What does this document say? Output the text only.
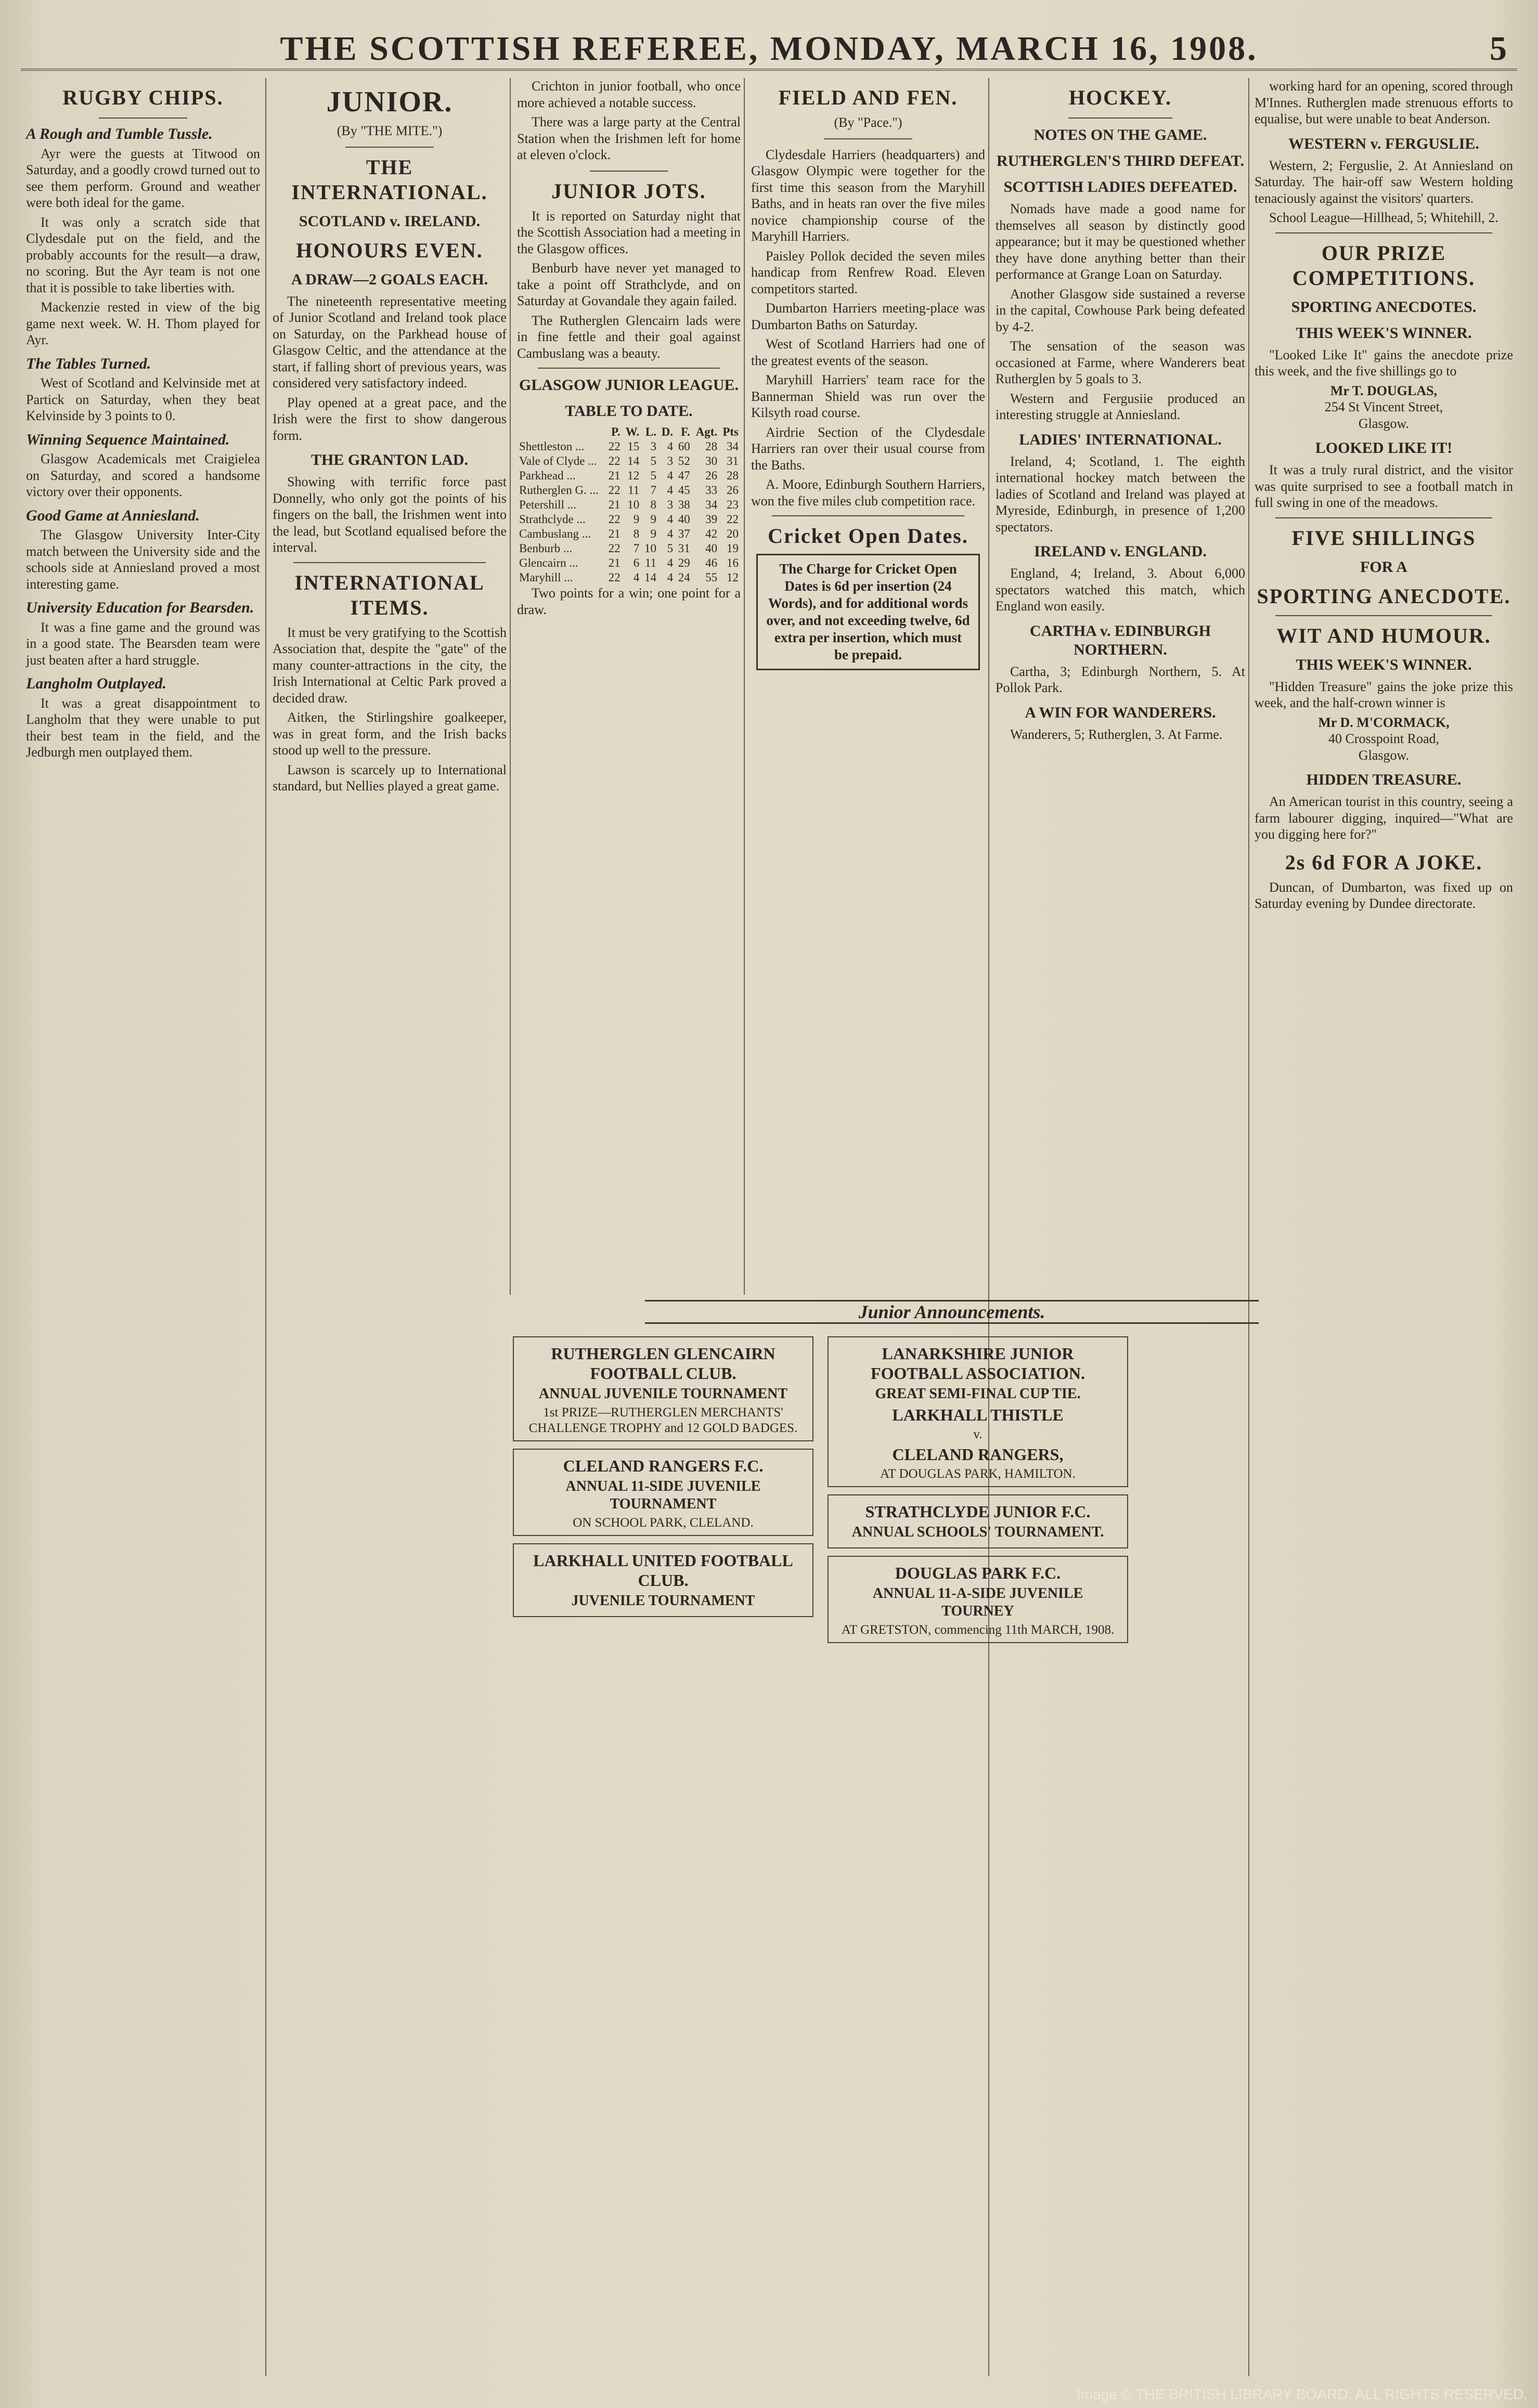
THE SCOTTISH REFEREE, MONDAY, MARCH 16, 1908.	5
RUGBY CHIPS.
A Rough and Tumble Tussle.

Ayr were the guests at Titwood on Saturday, and a goodly crowd turned out to see them perform. Ground and weather were both ideal for the game.

It was only a scratch side that Clydesdale put on the field, and the probably accounts for the result—a draw, no scoring. But the Ayr team is not one that it is possible to take liberties with.

Mackenzie rested in view of the big game next week. W. H. Thom played for Ayr.

The Tables Turned.

West of Scotland and Kelvinside met at Partick on Saturday, when they beat Kelvinside by 3 points to 0.

Winning Sequence Maintained.

Glasgow Academicals met Craigielea on Saturday, and scored a handsome victory over their opponents.

Good Game at Anniesland.

The Glasgow University Inter-City match between the University side and the schools side at Anniesland proved a most interesting game.

University Education for Bearsden.

It was a fine game and the ground was in a good state. The Bearsden team were just beaten after a hard struggle.

Langholm Outplayed.

It was a great disappointment to Langholm that they were unable to put their best team in the field, and the Jedburgh men outplayed them.

JUNIOR.
(By "THE MITE.")
THE INTERNATIONAL.
SCOTLAND v. IRELAND.
HONOURS EVEN.
A DRAW—2 GOALS EACH.

The nineteenth representative meeting of Junior Scotland and Ireland took place on Saturday, on the Parkhead house of Glasgow Celtic, and the attendance at the start, if falling short of previous years, was considered very satisfactory indeed.

Play opened at a great pace, and the Irish were the first to show dangerous form.

THE GRANTON LAD.

Showing with terrific force past Donnelly, who only got the points of his fingers on the ball, the Irishmen went into the lead, but Scotland equalised before the interval.

INTERNATIONAL ITEMS.

It must be very gratifying to the Scottish Association that, despite the "gate" of the many counter-attractions in the city, the Irish International at Celtic Park proved a decided draw.

Aitken, the Stirlingshire goalkeeper, was in great form, and the Irish backs stood up well to the pressure.

Lawson is scarcely up to International standard, but Nellies played a great game.

Crichton in junior football, who once more achieved a notable success.

There was a large party at the Central Station when the Irishmen left for home at eleven o'clock.

JUNIOR JOTS.

It is reported on Saturday night that the Scottish Association had a meeting in the Glasgow offices.

Benburb have never yet managed to take a point off Strathclyde, and on Saturday at Govandale they again failed.

The Rutherglen Glencairn lads were in fine fettle and their goal against Cambuslang was a beauty.

GLASGOW JUNIOR LEAGUE.
TABLE TO DATE.
	P.	W.	L.	D.	F.	Agt.	Pts
Shettleston ...	22	15	3	4	60	28	34
Vale of Clyde ...	22	14	5	3	52	30	31
Parkhead ...	21	12	5	4	47	26	28
Rutherglen G. ...	22	11	7	4	45	33	26
Petershill ...	21	10	8	3	38	34	23
Strathclyde ...	22	9	9	4	40	39	22
Cambuslang ...	21	8	9	4	37	42	20
Benburb ...	22	7	10	5	31	40	19
Glencairn ...	21	6	11	4	29	46	16
Maryhill ...	22	4	14	4	24	55	12

Two points for a win; one point for a draw.

FIELD AND FEN.
(By "Pace.")

Clydesdale Harriers (headquarters) and Glasgow Olympic were together for the first time this season from the Maryhill Baths, and in heats ran over the five miles novice championship course of the Maryhill Harriers.

Paisley Pollok decided the seven miles handicap from Renfrew Road. Eleven competitors started.

Dumbarton Harriers meeting-place was Dumbarton Baths on Saturday.

West of Scotland Harriers had one of the greatest events of the season.

Maryhill Harriers' team race for the Bannerman Shield was run over the Kilsyth road course.

Airdrie Section of the Clydesdale Harriers ran over their usual course from the Baths.

A. Moore, Edinburgh Southern Harriers, won the five miles club competition race.

Cricket Open Dates.
The Charge for Cricket Open Dates is 6d per insertion (24 Words), and for additional words over, and not exceeding twelve, 6d extra per insertion, which must be prepaid.
HOCKEY.
NOTES ON THE GAME.
RUTHERGLEN'S THIRD DEFEAT.
SCOTTISH LADIES DEFEATED.

Nomads have made a good name for themselves all season by distinctly good appearance; but it may be questioned whether they have done anything better than their performance at Grange Loan on Saturday.

Another Glasgow side sustained a reverse in the capital, Cowhouse Park being defeated by 4-2.

The sensation of the season was occasioned at Farme, where Wanderers beat Rutherglen by 5 goals to 3.

Western and Fergusiie produced an interesting struggle at Anniesland.

LADIES' INTERNATIONAL.

Ireland, 4; Scotland, 1. The eighth international hockey match between the ladies of Scotland and Ireland was played at Myreside, Edinburgh, in presence of 1,200 spectators.

IRELAND v. ENGLAND.

England, 4; Ireland, 3. About 6,000 spectators watched this match, which England won easily.

CARTHA v. EDINBURGH NORTHERN.

Cartha, 3; Edinburgh Northern, 5. At Pollok Park.

A WIN FOR WANDERERS.

Wanderers, 5; Rutherglen, 3. At Farme.

working hard for an opening, scored through M'Innes. Rutherglen made strenuous efforts to equalise, but were unable to beat Anderson.

WESTERN v. FERGUSLIE.

Western, 2; Ferguslie, 2. At Anniesland on Saturday. The hair-off saw Western holding tenaciously against the visitors' quarters.

School League—Hillhead, 5; Whitehill, 2.

OUR PRIZE COMPETITIONS.
SPORTING ANECDOTES.
THIS WEEK'S WINNER.

"Looked Like It" gains the anecdote prize this week, and the five shillings go to

Mr T. DOUGLAS,
254 St Vincent Street,
Glasgow.
LOOKED LIKE IT!

It was a truly rural district, and the visitor was quite surprised to see a football match in full swing in one of the meadows.

FIVE SHILLINGS
FOR A
SPORTING ANECDOTE.
WIT AND HUMOUR.
THIS WEEK'S WINNER.

"Hidden Treasure" gains the joke prize this week, and the half-crown winner is

Mr D. M'CORMACK,
40 Crosspoint Road,
Glasgow.
HIDDEN TREASURE.

An American tourist in this country, seeing a farm labourer digging, inquired—"What are you digging here for?"

2s 6d FOR A JOKE.

Duncan, of Dumbarton, was fixed up on Saturday evening by Dundee directorate.

Junior Announcements.
RUTHERGLEN GLENCAIRN FOOTBALL CLUB.
ANNUAL JUVENILE TOURNAMENT
1st PRIZE—RUTHERGLEN MERCHANTS' CHALLENGE TROPHY and 12 GOLD BADGES.
CLELAND RANGERS F.C.
ANNUAL 11-SIDE JUVENILE TOURNAMENT
ON SCHOOL PARK, CLELAND.
LARKHALL UNITED FOOTBALL CLUB.
JUVENILE TOURNAMENT
LANARKSHIRE JUNIOR FOOTBALL ASSOCIATION.
GREAT SEMI-FINAL CUP TIE.
LARKHALL THISTLE
v.
CLELAND RANGERS,
AT DOUGLAS PARK, HAMILTON.
STRATHCLYDE JUNIOR F.C.
ANNUAL SCHOOLS' TOURNAMENT.
DOUGLAS PARK F.C.
ANNUAL 11-A-SIDE JUVENILE TOURNEY
AT GRETSTON, commencing 11th MARCH, 1908.
Image © THE BRITISH LIBRARY BOARD. ALL RIGHTS RESERVED.
